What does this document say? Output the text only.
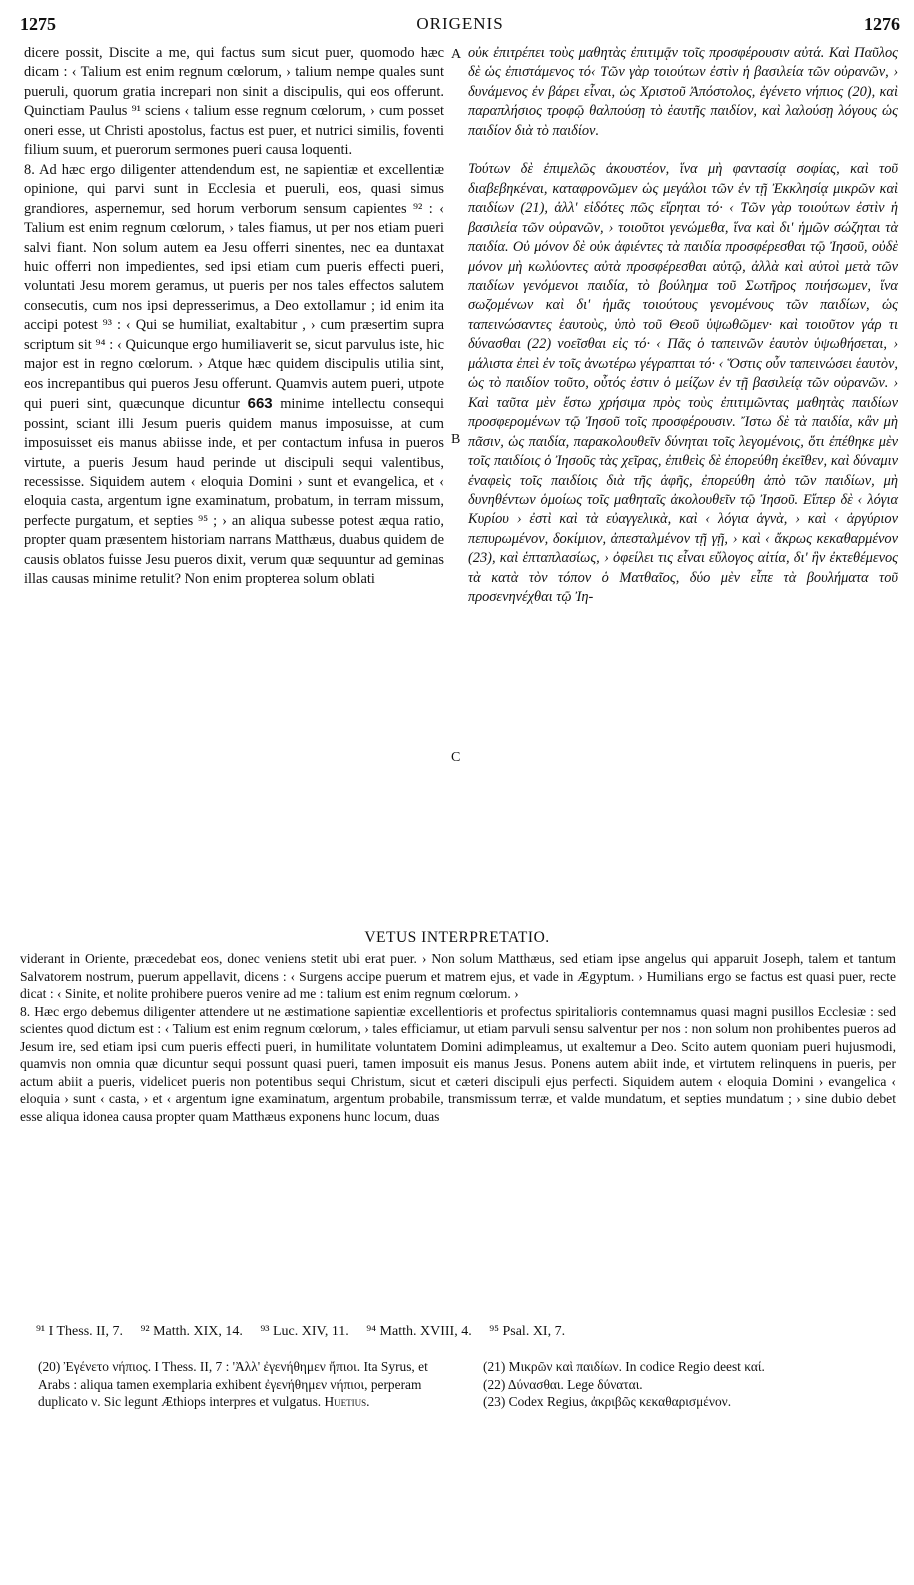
1275	ORIGENIS	1276

dicere possit, Discite a me, qui factus sum sicut puer, quomodo hæc dicam : ‹ Talium est enim regnum cœlorum, › talium nempe quales sunt pueruli, quorum gratia increpari non sinit a discipulis, qui eos offerunt. Quinctiam Paulus ⁹¹ sciens ‹ talium esse regnum cœlorum, › cum posset oneri esse, ut Christi apostolus, factus est puer, et nutrici similis, foventi filium suum, et puerorum sermones pueri causa loquenti.

8. Ad hæc ergo diligenter attendendum est, ne sapientiæ et excellentiæ opinione, qui parvi sunt in Ecclesia et pueruli, eos, quasi simus grandiores, aspernemur, sed horum verborum sensum capientes ⁹² : ‹ Talium est enim regnum cœlorum, › tales fiamus, ut per nos etiam pueri salvi fiant. Non solum autem ea Jesu offerri sinentes, nec ea duntaxat huic offerri non impedientes, sed ipsi etiam cum pueris effecti pueri, voluntati Jesu morem geramus, ut pueris per nos tales effectos salutem consecutis, cum nos ipsi depresserimus, a Deo extollamur ; id enim ita accipi potest ⁹³ : ‹ Qui se humiliat, exaltabitur , › cum præsertim supra scriptum sit ⁹⁴ : ‹ Quicunque ergo humiliaverit se, sicut parvulus iste, hic major est in regno cœlorum. › Atque hæc quidem discipulis utilia sint, eos increpantibus qui pueros Jesu offerunt. Quamvis autem pueri, utpote qui pueri sint, quæcunque dicuntur 663 minime intellectu consequi possint, sciant illi Jesum pueris quidem manus imposuisse, at cum imposuisset eis manus abiisse inde, et per contactum infusa in pueros virtute, a pueris Jesum haud perinde ut discipuli sequi valentibus, recessisse. Siquidem autem ‹ eloquia Domini › sunt et evangelica, et ‹ eloquia casta, argentum igne examinatum, probatum, in terram missum, perfecte purgatum, et septies ⁹⁵ ; › an aliqua subesse potest æqua ratio, propter quam præsentem historiam narrans Matthæus, duabus quidem de causis oblatos fuisse Jesu pueros dixit, verum quæ sequuntur ad geminas illas causas minime retulit? Non enim propterea solum oblati

A
B
C

οὐκ ἐπιτρέπει τοὺς μαθητὰς ἐπιτιμᾷν τοῖς προσφέρουσιν αὐτά. Καὶ Παῦλος δὲ ὡς ἐπιστάμενος τό‹ Τῶν γὰρ τοιούτων ἐστὶν ἡ βασιλεία τῶν οὐρανῶν, › δυνάμενος ἐν βάρει εἶναι, ὡς Χριστοῦ Ἀπόστολος, ἐγένετο νήπιος (20), καὶ παραπλήσιος τροφῷ θαλπούσῃ τὸ ἑαυτῆς παιδίον, καὶ λαλούσῃ λόγους ὡς παιδίον διὰ τὸ παιδίον.

Τούτων δὲ ἐπιμελῶς ἀκουστέον, ἵνα μὴ φαντασίᾳ σοφίας, καὶ τοῦ διαβεβηκέναι, καταφρονῶμεν ὡς μεγάλοι τῶν ἐν τῇ Ἐκκλησίᾳ μικρῶν καὶ παιδίων (21), ἀλλ' εἰδότες πῶς εἴρηται τό· ‹ Τῶν γὰρ τοιούτων ἐστὶν ἡ βασιλεία τῶν οὐρανῶν, › τοιοῦτοι γενώμεθα, ἵνα καὶ δι' ἡμῶν σώζηται τὰ παιδία. Οὐ μόνον δὲ οὐκ ἀφιέντες τὰ παιδία προσφέρεσθαι τῷ Ἰησοῦ, οὐδὲ μόνον μὴ κωλύοντες αὐτὰ προσφέρεσθαι αὐτῷ, ἀλλὰ καὶ αὐτοὶ μετὰ τῶν παιδίων γενόμενοι παιδία, τὸ βούλημα τοῦ Σωτῆρος ποιήσωμεν, ἵνα σωζομένων καὶ δι' ἡμᾶς τοιούτους γενομένους τῶν παιδίων, ὡς ταπεινώσαντες ἑαυτοὺς, ὑπὸ τοῦ Θεοῦ ὑψωθῶμεν· καὶ τοιοῦτον γάρ τι δύνασθαι (22) νοεῖσθαι εἰς τό· ‹ Πᾶς ὁ ταπεινῶν ἑαυτὸν ὑψωθήσεται, › μάλιστα ἐπεὶ ἐν τοῖς ἀνωτέρω γέγραπται τό· ‹ Ὅστις οὖν ταπεινώσει ἑαυτὸν, ὡς τὸ παιδίον τοῦτο, οὗτός ἐστιν ὁ μείζων ἐν τῇ βασιλείᾳ τῶν οὐρανῶν. › Καὶ ταῦτα μὲν ἔστω χρήσιμα πρὸς τοὺς ἐπιτιμῶντας μαθητὰς παιδίων προσφερομένων τῷ Ἰησοῦ τοῖς προσφέρουσιν. Ἴστω δὲ τὰ παιδία, κἂν μὴ πᾶσιν, ὡς παιδία, παρακολουθεῖν δύνηται τοῖς λεγομένοις, ὅτι ἐπέθηκε μὲν τοῖς παιδίοις ὁ Ἰησοῦς τὰς χεῖρας, ἐπιθεὶς δὲ ἐπορεύθη ἐκεῖθεν, καὶ δύναμιν ἐναφεὶς τοῖς παιδίοις διὰ τῆς ἁφῆς, ἐπορεύθη ἀπὸ τῶν παιδίων, μὴ δυνηθέντων ὁμοίως τοῖς μαθηταῖς ἀκολουθεῖν τῷ Ἰησοῦ. Εἴπερ δὲ ‹ λόγια Κυρίου › ἐστὶ καὶ τὰ εὐαγγελικὰ, καὶ ‹ λόγια ἁγνὰ, › καὶ ‹ ἀργύριον πεπυρωμένον, δοκίμιον, ἀπεσταλμένον τῇ γῇ, › καὶ ‹ ἄκρως κεκαθαρμένον (23), καὶ ἑπταπλασίως, › ὀφείλει τις εἶναι εὔλογος αἰτία, δι' ἣν ἐκτεθέμενος τὰ κατὰ τὸν τόπον ὁ Ματθαῖος, δύο μὲν εἶπε τὰ βουλήματα τοῦ προσενηνέχθαι τῷ Ἰη-

VETUS INTERPRETATIO.

viderant in Oriente, præcedebat eos, donec veniens stetit ubi erat puer. › Non solum Matthæus, sed etiam ipse angelus qui apparuit Joseph, talem et tantum Salvatorem nostrum, puerum appellavit, dicens : ‹ Surgens accipe puerum et matrem ejus, et vade in Ægyptum. › Humilians ergo se factus est quasi puer, recte dicat : ‹ Sinite, et nolite prohibere pueros venire ad me : talium est enim regnum cœlorum. ›

8. Hæc ergo debemus diligenter attendere ut ne æstimatione sapientiæ excellentioris et profectus spiritalioris contemnamus quasi magni pusillos Ecclesiæ : sed scientes quod dictum est : ‹ Talium est enim regnum cœlorum, › tales efficiamur, ut etiam parvuli sensu salventur per nos : non solum non prohibentes pueros ad Jesum ire, sed etiam ipsi cum pueris effecti pueri, in humilitate voluntatem Domini adimpleamus, ut exaltemur a Deo. Scito autem quoniam pueri hujusmodi, quamvis non omnia quæ dicuntur sequi possunt quasi pueri, tamen imposuit eis manus Jesus. Ponens autem abiit inde, et virtutem relinquens in pueris, per actum abiit a pueris, videlicet pueris non potentibus sequi Christum, sicut et cæteri discipuli ejus perfecti. Siquidem autem ‹ eloquia Domini › evangelica ‹ eloquia › sunt ‹ casta, › et ‹ argentum igne examinatum, argentum probabile, transmissum terræ, et valde mundatum, et septies mundatum ; › sine dubio debet esse aliqua idonea causa propter quam Matthæus exponens hunc locum, duas

⁹¹ I Thess. II, 7. ⁹² Matth. XIX, 14. ⁹³ Luc. XIV, 11. ⁹⁴ Matth. XVIII, 4. ⁹⁵ Psal. XI, 7.

(20) Ἐγένετο νήπιος. I Thess. II, 7 : 'Ἀλλ' ἐγενήθημεν ἤπιοι. Ita Syrus, et Arabs : aliqua tamen exemplaria exhibent ἐγενήθημεν νήπιοι, perperam duplicato ν. Sic legunt Æthiops interpres et vulgatus. Huetius.

(21) Μικρῶν καὶ παιδίων. In codice Regio deest καί.

(22) Δύνασθαι. Lege δύναται.

(23) Codex Regius, ἀκριβῶς κεκαθαρισμένον.
